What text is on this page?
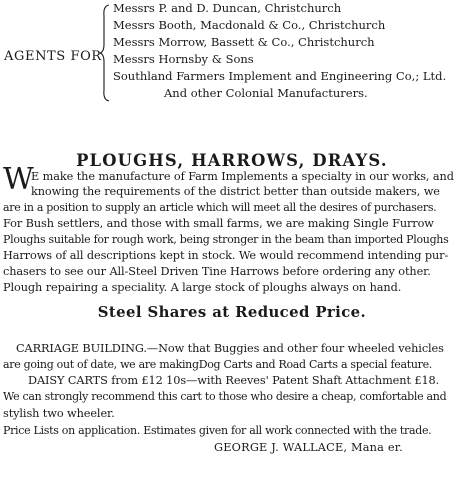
AGENTS FOR
Messrs P. and D. Duncan, Christchurch
Messrs Booth, Macdonald & Co., Christchurch
Messrs Morrow, Bassett & Co., Christchurch
Messrs Hornsby & Sons
Southland Farmers Implement and Engineering Co,; Ltd.
And other Colonial Manufacturers.
PLOUGHS, HARROWS, DRAYS.
W
E make the manufacture of Farm Implements a specialty in our works, and
knowing the requirements of the district better than outside makers, we
are in a position to supply an article which will meet all the desires of purchasers.
For Bush settlers, and those with small farms, we are making Single Furrow
Ploughs suitable for rough work, being stronger in the beam than imported Ploughs
Harrows of all descriptions kept in stock. We would recommend intending pur-
chasers to see our All-Steel Driven Tine Harrows before ordering any other.
Plough repairing a speciality. A large stock of ploughs always on hand.
Steel Shares at Reduced Price.
CARRIAGE BUILDING.—Now that Buggies and other four wheeled vehicles
are going out of date, we are makingDog Carts and Road Carts a special feature.
DAISY CARTS from £12 10s—with Reeves' Patent Shaft Attachment £18.
We can strongly recommend this cart to those who desire a cheap, comfortable and
stylish two wheeler.
Price Lists on application. Estimates given for all work connected with the trade.
GEORGE J. WALLACE, Mana er.
